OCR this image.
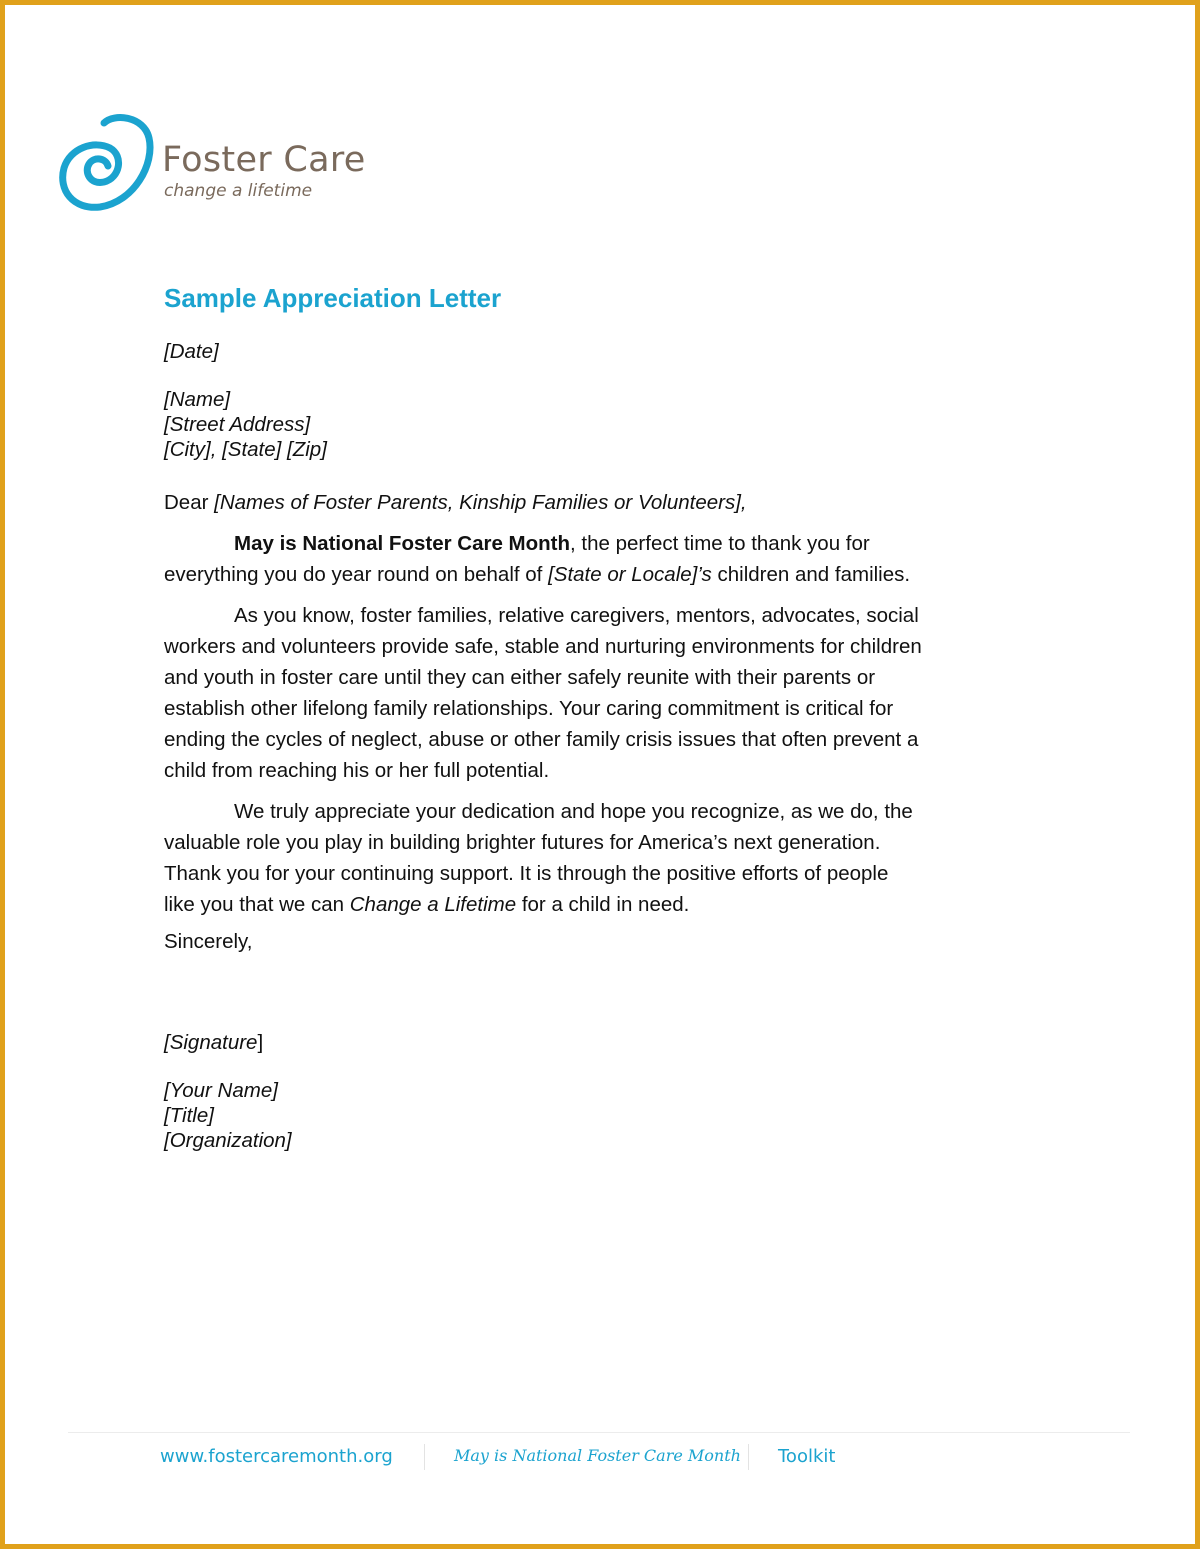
Foster Care
change a lifetime
Sample Appreciation Letter
[Date]
[Name]
[Street Address]
[City], [State] [Zip]
Dear [Names of Foster Parents, Kinship Families or Volunteers],
May is National Foster Care Month, the perfect time to thank you for everything you do year round on behalf of [State or Locale]’s children and families.
As you know, foster families, relative caregivers, mentors, advocates, social workers and volunteers provide safe, stable and nurturing environments for children and youth in foster care until they can either safely reunite with their parents or establish other lifelong family relationships. Your caring commitment is critical for ending the cycles of neglect, abuse or other family crisis issues that often prevent a child from reaching his or her full potential.
We truly appreciate your dedication and hope you recognize, as we do, the valuable role you play in building brighter futures for America’s next generation. Thank you for your continuing support. It is through the positive efforts of people like you that we can Change a Lifetime for a child in need.
Sincerely,
[Signature]
[Your Name]
[Title]
[Organization]
www.fostercaremonth.org	May is National Foster Care Month Toolkit
